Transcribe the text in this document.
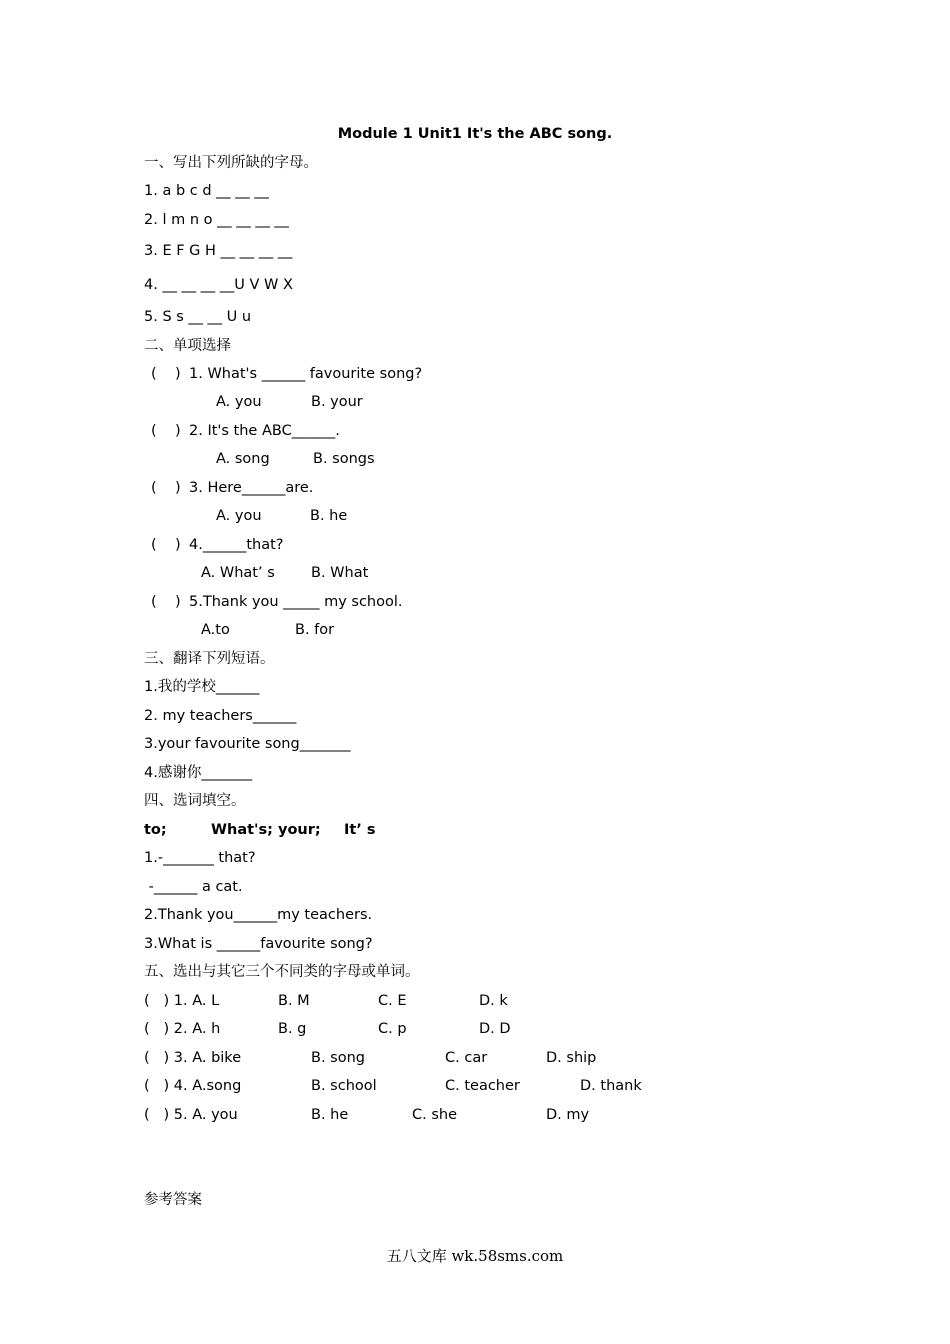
Module 1 Unit1 It's the ABC song.
一、写出下列所缺的字母。
1. a b c d __ __ __
2. l m n o __ __ __ __
3. E F G H __ __ __ __
4. __ __ __ __U V W X
5. S s __ __ U u
二、单项选择
( ) 1. What's ______ favourite song?
A. you	B. your
( ) 2. It's the ABC______.
A. song	B. songs
( ) 3. Here______are.
A. you	B. he
( ) 4.______that?
A. What’ s B. What
( ) 5.Thank you _____ my school.
A.to	B. for
三、翻译下列短语。
1.我的学校______
2. my teachers______
3.your favourite song_______
4.感谢你_______
四、选词填空。
to;	What's; your; It’ s
1.-_______ that?
-______ a cat.
2.Thank you______my teachers.
3.What is ______favourite song?
五、选出与其它三个不同类的字母或单词。
(   ) 1. A. L	B. M	C. E	D. k
(   ) 2. A. h	B. g	C. p	D. D
(   ) 3. A. bike	B. song	C. car	D. ship
(   ) 4. A.song	B. school	C. teacher	D. thank
(   ) 5. A. you	B. he	C. she	D. my
参考答案
五八文库 wk.58sms.com
